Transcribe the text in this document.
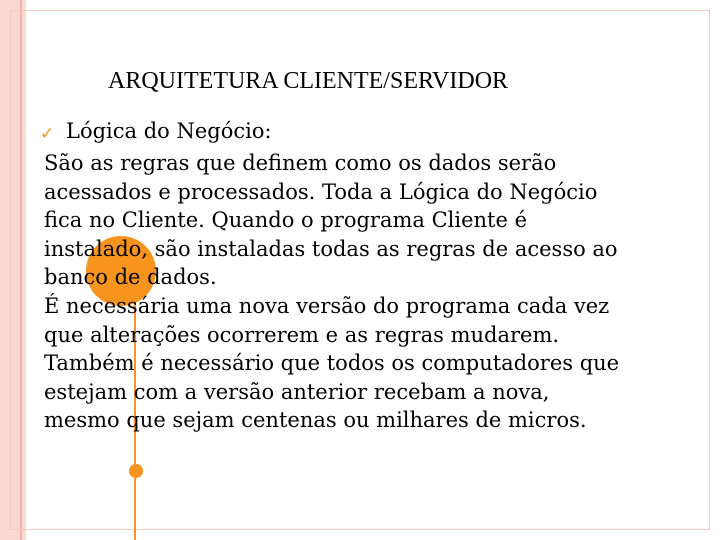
ARQUITETURA CLIENTE/SERVIDOR
✓ Lógica do Negócio:
São as regras que definem como os dados serão
acessados e processados. Toda a Lógica do Negócio
fica no Cliente. Quando o programa Cliente é
instalado, são instaladas todas as regras de acesso ao
banco de dados.
É necessária uma nova versão do programa cada vez
que alterações ocorrerem e as regras mudarem.
Também é necessário que todos os computadores que
estejam com a versão anterior recebam a nova,
mesmo que sejam centenas ou milhares de micros.
